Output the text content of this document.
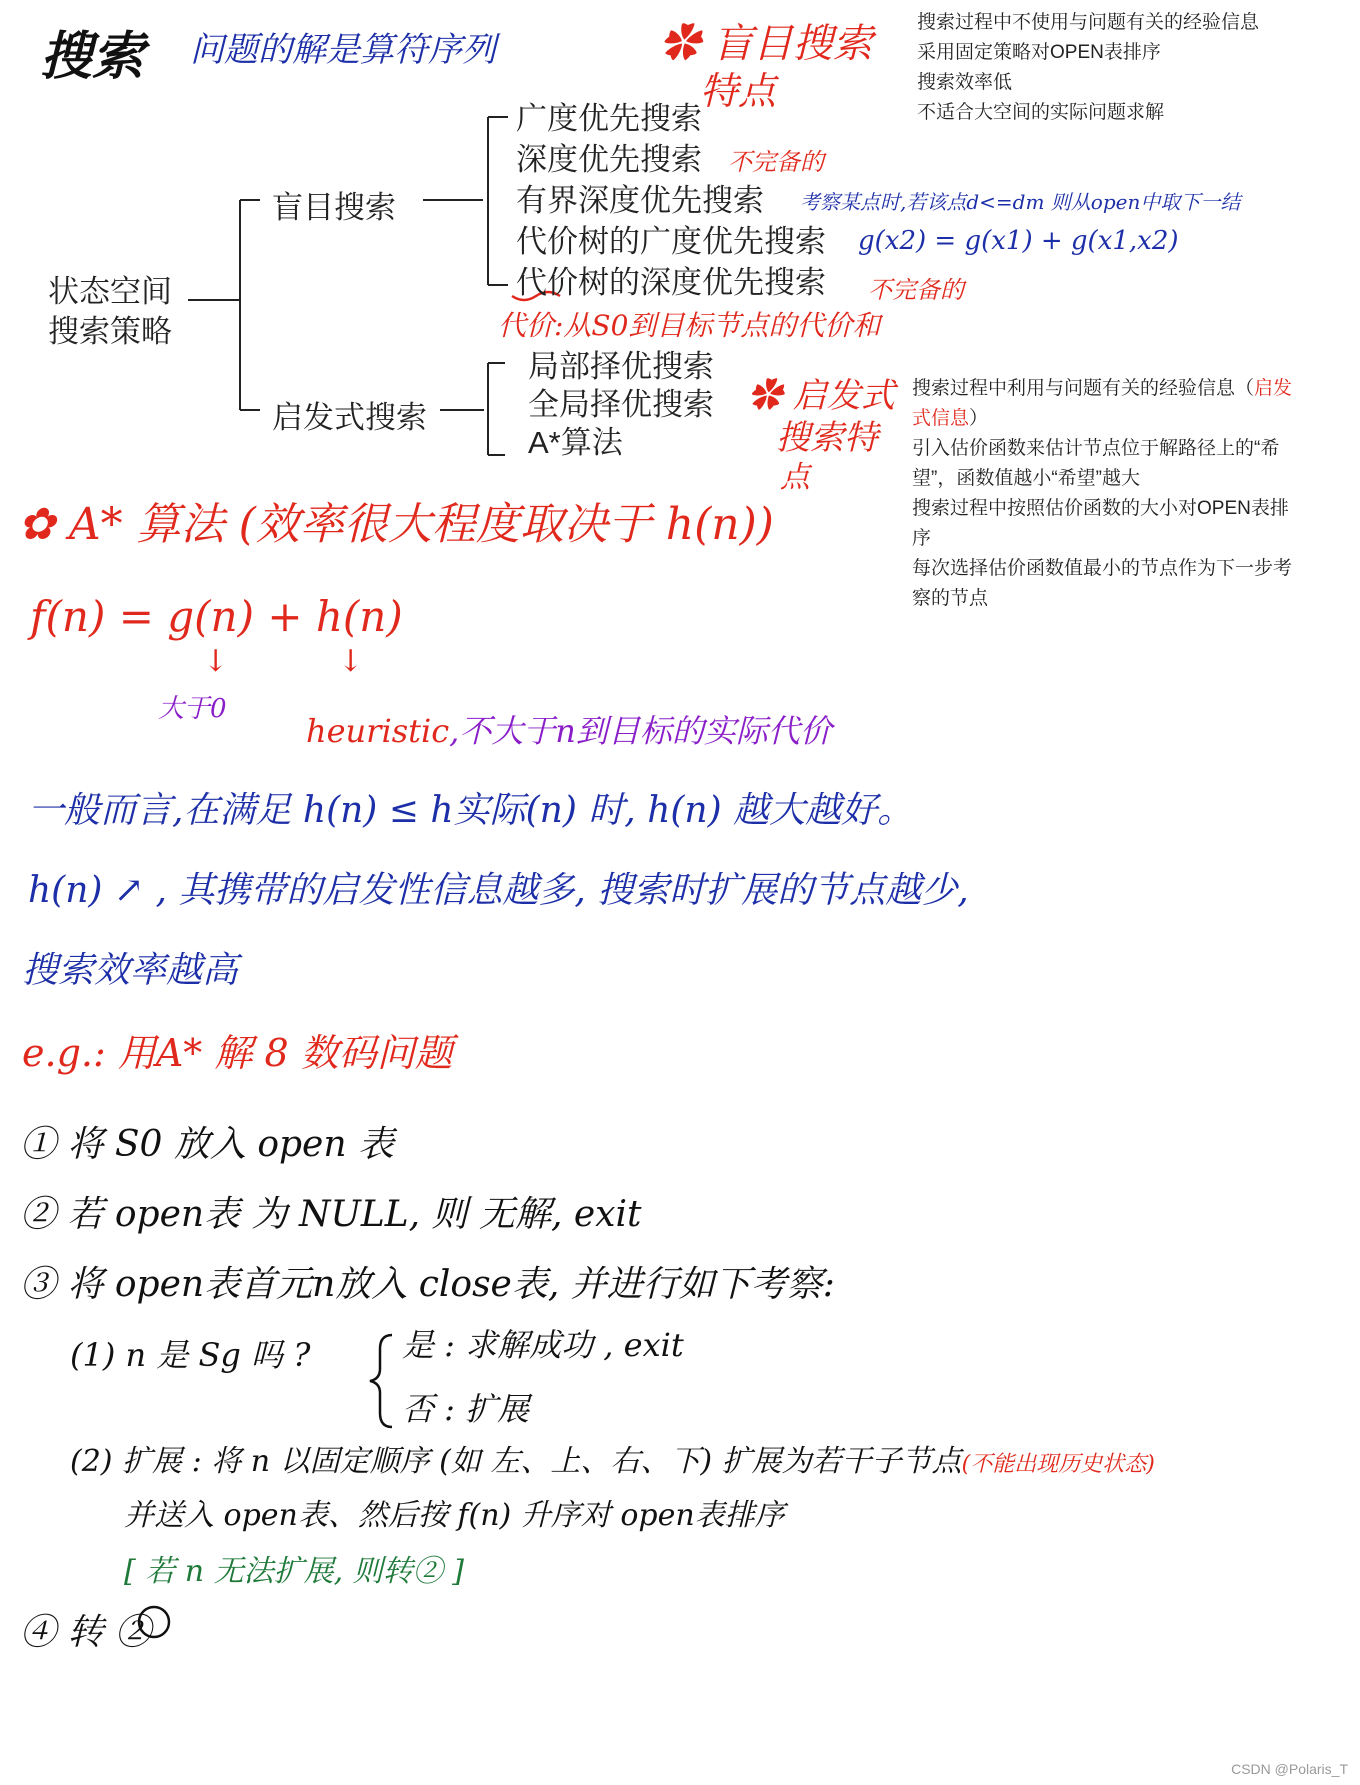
搜索 问题的解是算符序列	✿ 盲目搜索
特点
搜索过程中不使用与问题有关的经验信息
采用固定策略对OPEN表排序
搜索效率低
不适合大空间的实际问题求解
状态空间
搜索策略
盲目搜索
启发式搜索
广度优先搜索
深度优先搜索
有界深度优先搜索
代价树的广度优先搜索
代价树的深度优先搜索
局部择优搜索
全局择优搜索
A*算法
不完备的
考察某点时,若该点d<=dm 则从open中取下一结
g(x2) = g(x1) + g(x1,x2)
不完备的
代价:从S0到目标节点的代价和
✿ 启发式
搜索特
点
搜索过程中利用与问题有关的经验信息（启发
式信息）
引入估价函数来估计节点位于解路径上的“希
望”，函数值越小“希望”越大
搜索过程中按照估价函数的大小对OPEN表排
序
每次选择估价函数值最小的节点作为下一步考
察的节点
✿ A* 算法 (效率很大程度取决于 h(n))
f(n) = g(n) + h(n)
↓	↓
大于0
heuristic,不大于n到目标的实际代价
一般而言,在满足 h(n) ≤ h实际(n) 时, h(n) 越大越好。
h(n) ↗ , 其携带的启发性信息越多, 搜索时扩展的节点越少,
搜索效率越高
e.g.: 用A* 解 8 数码问题
① 将 S0 放入 open 表
② 若 open表 为 NULL, 则 无解, exit
③ 将 open表首元n放入 close表, 并进行如下考察:
(1) n 是 Sg 吗 ?	是 : 求解成功 , exit
否 : 扩展
(2) 扩展 : 将 n 以固定顺序 (如 左、上、右、下) 扩展为若干子节点(不能出现历史状态)
并送入 open表、然后按 f(n) 升序对 open表排序
[ 若 n 无法扩展, 则转② ]
④ 转 ②
CSDN @Polaris_T
